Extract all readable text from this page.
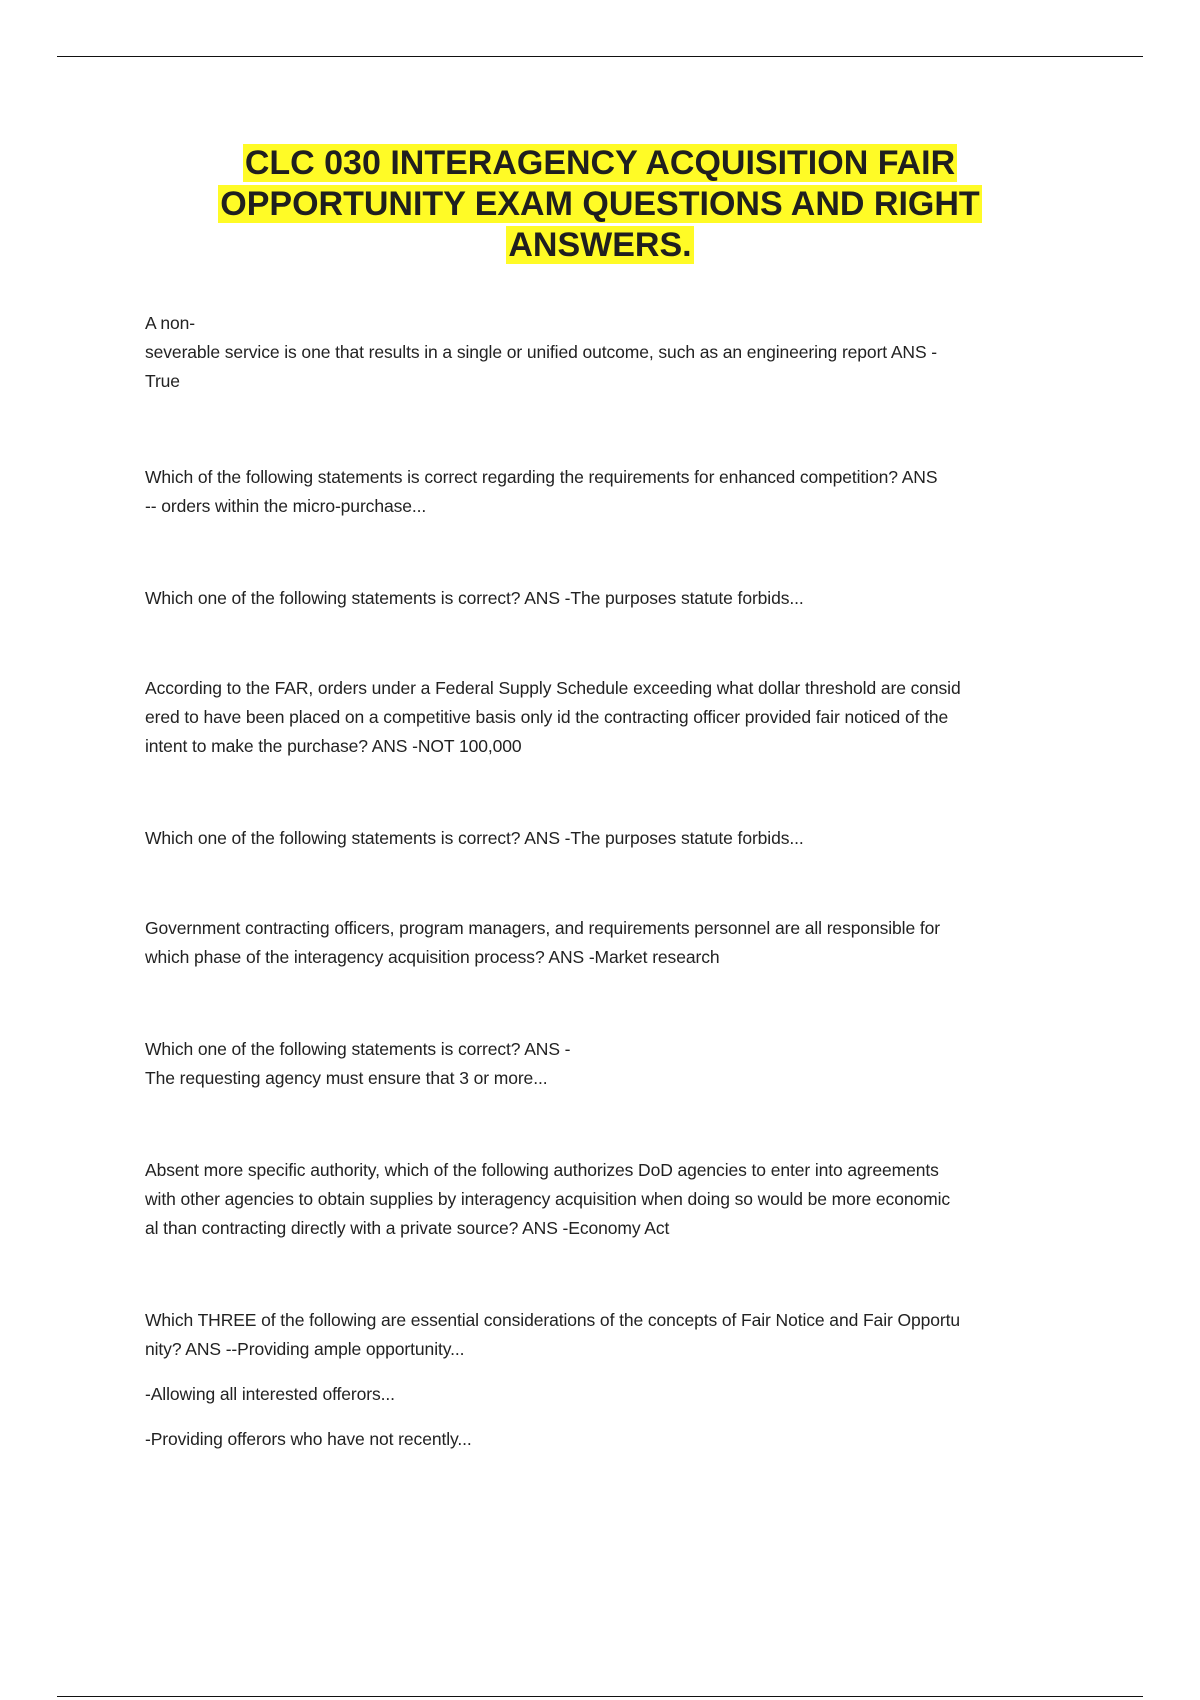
CLC 030 INTERAGENCY ACQUISITION FAIR
OPPORTUNITY EXAM QUESTIONS AND RIGHT
ANSWERS.
A non-
severable service is one that results in a single or unified outcome, such as an engineering report ANS -
True
Which of the following statements is correct regarding the requirements for enhanced competition? ANS
-- orders within the micro-purchase...
Which one of the following statements is correct? ANS -The purposes statute forbids...
According to the FAR, orders under a Federal Supply Schedule exceeding what dollar threshold are consid
ered to have been placed on a competitive basis only id the contracting officer provided fair noticed of the
intent to make the purchase? ANS -NOT 100,000
Which one of the following statements is correct? ANS -The purposes statute forbids...
Government contracting officers, program managers, and requirements personnel are all responsible for
which phase of the interagency acquisition process? ANS -Market research
Which one of the following statements is correct? ANS -
The requesting agency must ensure that 3 or more...
Absent more specific authority, which of the following authorizes DoD agencies to enter into agreements
with other agencies to obtain supplies by interagency acquisition when doing so would be more economic
al than contracting directly with a private source? ANS -Economy Act
Which THREE of the following are essential considerations of the concepts of Fair Notice and Fair Opportu
nity? ANS --Providing ample opportunity...
-Allowing all interested offerors...
-Providing offerors who have not recently...
